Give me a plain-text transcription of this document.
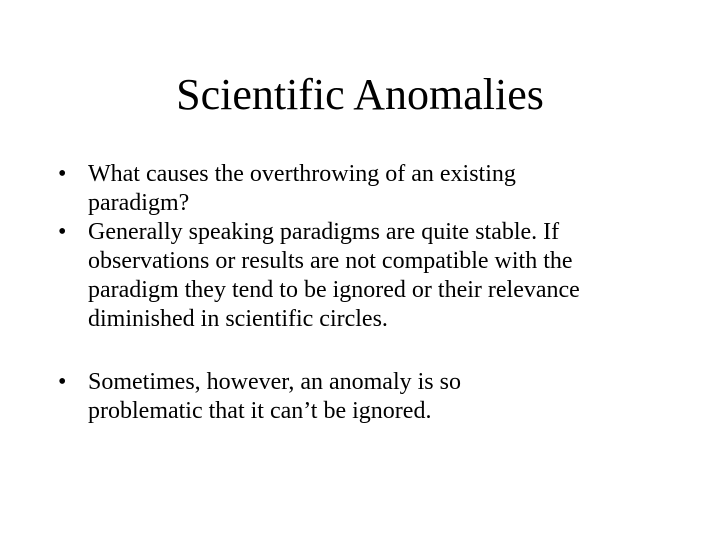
Scientific Anomalies
• What causes the overthrowing of an existing paradigm?
• Generally speaking paradigms are quite stable. If observations or results are not compatible with the paradigm they tend to be ignored or their relevance diminished in scientific circles.
• Sometimes, however, an anomaly is so problematic that it can’t be ignored.
